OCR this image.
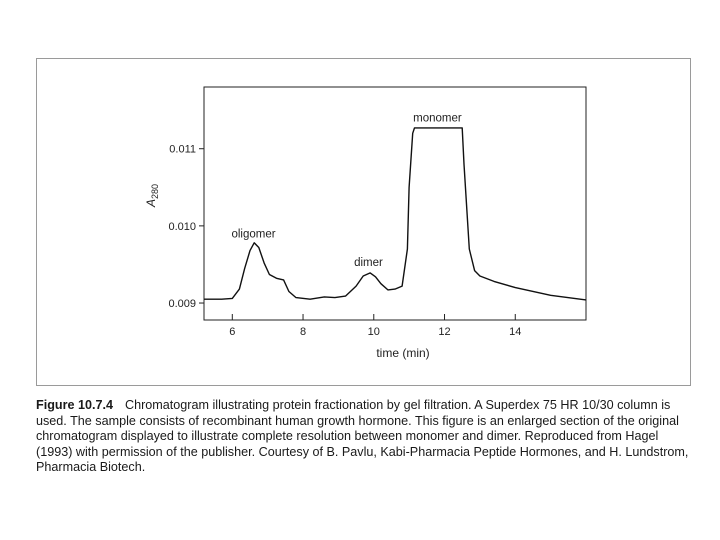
6	8	10	12	14
0.009
0.010
0.011
oligomer
dimer
monomer
time (min)
$A_{280}$

Figure 10.7.4 Chromatogram illustrating protein fractionation by gel filtration. A Superdex 75 HR 10/30 column is used. The sample consists of recombinant human growth hormone. This figure is an enlarged section of the original chromatogram displayed to illustrate complete resolution between monomer and dimer. Reproduced from Hagel (1993) with permission of the publisher. Courtesy of B. Pavlu, Kabi-Pharmacia Peptide Hormones, and H. Lundstrom, Pharmacia Biotech.
